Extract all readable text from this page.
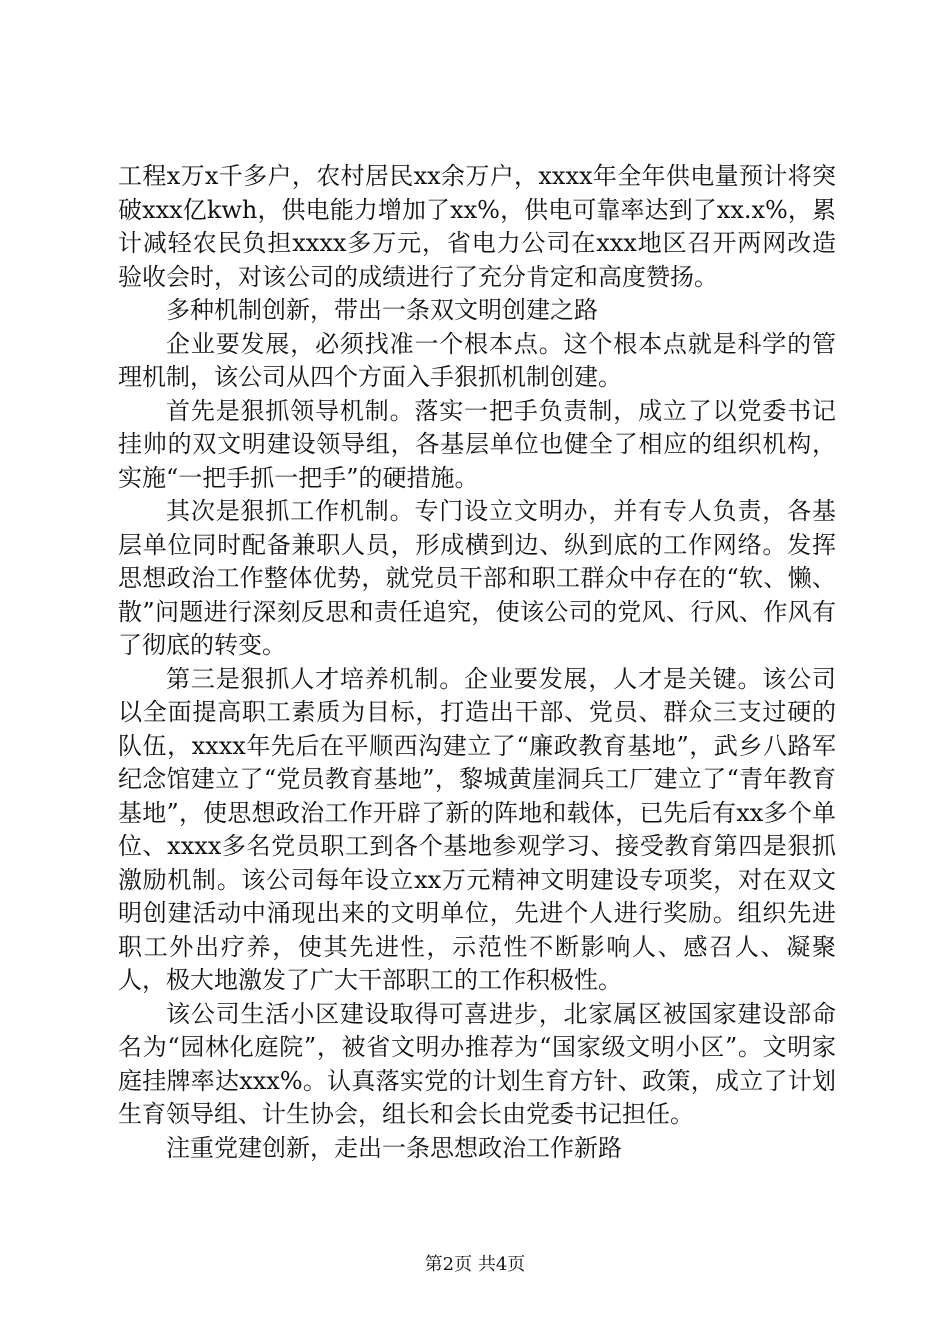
工程x万x千多户，农村居民xx余万户，xxxx年全年供电量预计将突破xxx亿kwh，供电能力增加了xx%，供电可靠率达到了xx.x%，累计减轻农民负担xxxx多万元，省电力公司在xxx地区召开两网改造验收会时，对该公司的成绩进行了充分肯定和高度赞扬。

多种机制创新，带出一条双文明创建之路

企业要发展，必须找准一个根本点。这个根本点就是科学的管理机制，该公司从四个方面入手狠抓机制创建。

首先是狠抓领导机制。落实一把手负责制，成立了以党委书记挂帅的双文明建设领导组，各基层单位也健全了相应的组织机构，实施“一把手抓一把手”的硬措施。

其次是狠抓工作机制。专门设立文明办，并有专人负责，各基层单位同时配备兼职人员，形成横到边、纵到底的工作网络。发挥思想政治工作整体优势，就党员干部和职工群众中存在的“软、懒、散”问题进行深刻反思和责任追究，使该公司的党风、行风、作风有了彻底的转变。

第三是狠抓人才培养机制。企业要发展，人才是关键。该公司以全面提高职工素质为目标，打造出干部、党员、群众三支过硬的队伍，xxxx年先后在平顺西沟建立了“廉政教育基地”，武乡八路军纪念馆建立了“党员教育基地”，黎城黄崖洞兵工厂建立了“青年教育基地”，使思想政治工作开辟了新的阵地和载体，已先后有xx多个单位、xxxx多名党员职工到各个基地参观学习、接受教育第四是狠抓激励机制。该公司每年设立xx万元精神文明建设专项奖，对在双文明创建活动中涌现出来的文明单位，先进个人进行奖励。组织先进职工外出疗养，使其先进性，示范性不断影响人、感召人、凝聚人，极大地激发了广大干部职工的工作积极性。

该公司生活小区建设取得可喜进步，北家属区被国家建设部命名为“园林化庭院”，被省文明办推荐为“国家级文明小区”。文明家庭挂牌率达xxx%。认真落实党的计划生育方针、政策，成立了计划生育领导组、计生协会，组长和会长由党委书记担任。

注重党建创新，走出一条思想政治工作新路

第2页 共4页
